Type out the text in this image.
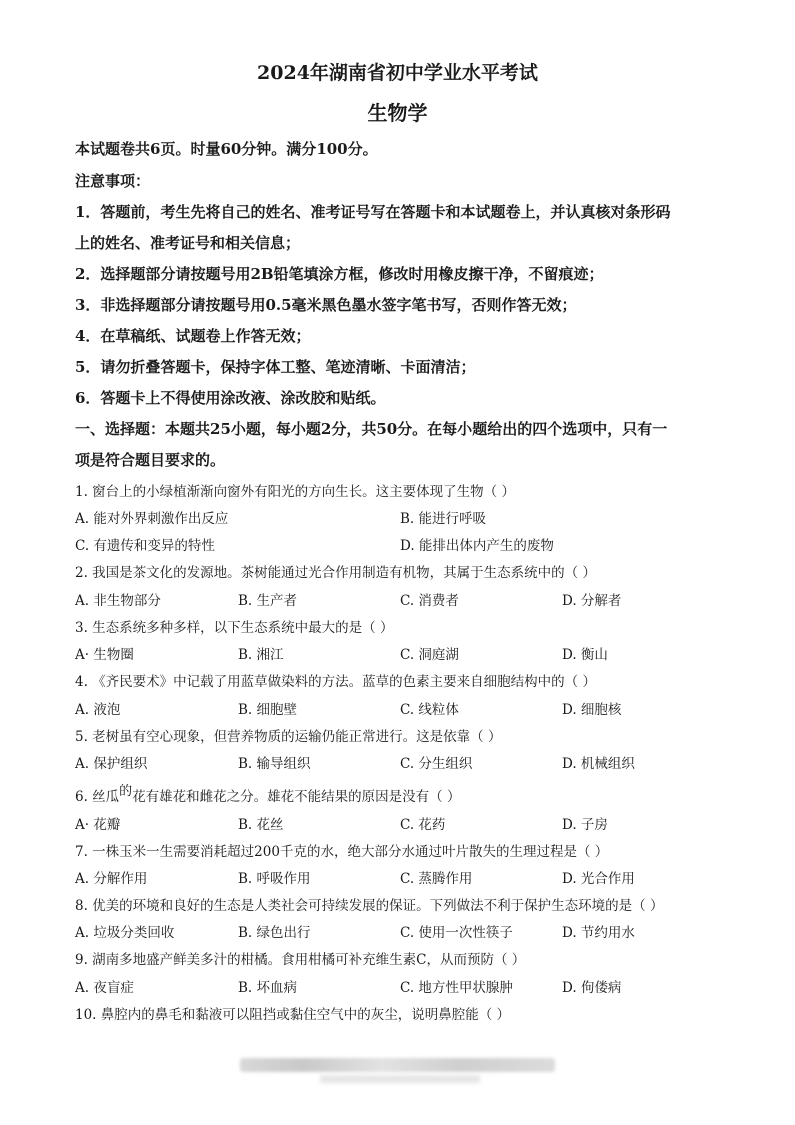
2024年湖南省初中学业水平考试
生物学
本试题卷共6页。时量60分钟。满分100分。
注意事项：
1．答题前，考生先将自己的姓名、准考证号写在答题卡和本试题卷上，并认真核对条形码
上的姓名、准考证号和相关信息；
2．选择题部分请按题号用2B铅笔填涂方框，修改时用橡皮擦干净，不留痕迹；
3．非选择题部分请按题号用0.5毫米黑色墨水签字笔书写，否则作答无效；
4．在草稿纸、试题卷上作答无效；
5．请勿折叠答题卡，保持字体工整、笔迹清晰、卡面清洁；
6．答题卡上不得使用涂改液、涂改胶和贴纸。
一、选择题：本题共25小题，每小题2分，共50分。在每小题给出的四个选项中，只有一
项是符合题目要求的。
1. 窗台上的小绿植渐渐向窗外有阳光的方向生长。这主要体现了生物（ ）
A. 能对外界刺激作出反应	B. 能进行呼吸
C. 有遗传和变异的特性	D. 能排出体内产生的废物
2. 我国是茶文化的发源地。茶树能通过光合作用制造有机物，其属于生态系统中的（ ）
A. 非生物部分	B. 生产者	C. 消费者	D. 分解者
3. 生态系统多种多样，以下生态系统中最大的是（ ）
A· 生物圈	B. 湘江	C. 洞庭湖	D. 衡山
4. 《齐民要术》中记载了用蓝草做染料的方法。蓝草的色素主要来自细胞结构中的（ ）
A. 液泡	B. 细胞壁	C. 线粒体	D. 细胞核
5. 老树虽有空心现象，但营养物质的运输仍能正常进行。这是依靠（ ）
A. 保护组织	B. 输导组织	C. 分生组织	D. 机械组织
6. 丝瓜的花有雄花和雌花之分。雄花不能结果的原因是没有（ ）
A· 花瓣	B. 花丝	C. 花药	D. 子房
7. 一株玉米一生需要消耗超过200千克的水，绝大部分水通过叶片散失的生理过程是（ ）
A. 分解作用	B. 呼吸作用	C. 蒸腾作用	D. 光合作用
8. 优美的环境和良好的生态是人类社会可持续发展的保证。下列做法不利于保护生态环境的是（ ）
A. 垃圾分类回收	B. 绿色出行	C. 使用一次性筷子	D. 节约用水
9. 湖南多地盛产鲜美多汁的柑橘。食用柑橘可补充维生素C，从而预防（ ）
A. 夜盲症	B. 坏血病	C. 地方性甲状腺肿	D. 佝偻病
10. 鼻腔内的鼻毛和黏液可以阻挡或黏住空气中的灰尘，说明鼻腔能（ ）
